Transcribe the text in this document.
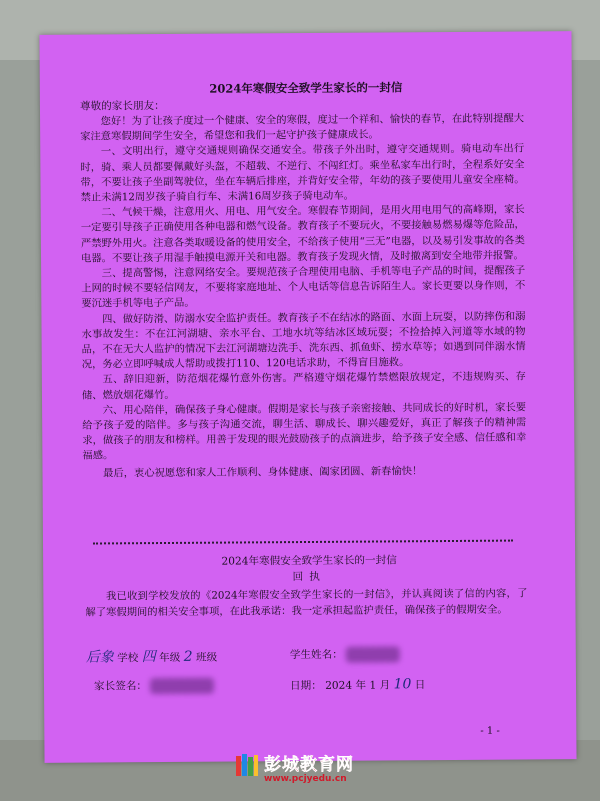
2024年寒假安全致学生家长的一封信
尊敬的家长朋友：

您好！为了让孩子度过一个健康、安全的寒假，度过一个祥和、愉快的春节，在此特别提醒大家注意寒假期间学生安全，希望您和我们一起守护孩子健康成长。

一、文明出行，遵守交通规则确保交通安全。带孩子外出时，遵守交通规则。骑电动车出行时，骑、乘人员都要佩戴好头盔，不超载、不逆行、不闯红灯。乘坐私家车出行时，全程系好安全带，不要让孩子坐副驾驶位，坐在车辆后排座，并背好安全带，年幼的孩子要使用儿童安全座椅。禁止未满12周岁孩子骑自行车、未满16周岁孩子骑电动车。

二、气候干燥，注意用火、用电、用气安全。寒假春节期间，是用火用电用气的高峰期，家长一定要引导孩子正确使用各种电器和燃气设备。教育孩子不要玩火，不要接触易燃易爆等危险品，严禁野外用火。注意各类取暖设备的使用安全，不给孩子使用“三无”电器，以及易引发事故的各类电器。不要让孩子用湿手触摸电源开关和电器。教育孩子发现火情，及时撤离到安全地带并报警。

三、提高警惕，注意网络安全。要规范孩子合理使用电脑、手机等电子产品的时间，提醒孩子上网的时候不要轻信网友，不要将家庭地址、个人电话等信息告诉陌生人。家长更要以身作则，不要沉迷手机等电子产品。

四、做好防滑、防溺水安全监护责任。教育孩子不在结冰的路面、水面上玩耍，以防摔伤和溺水事故发生：不在江河湖塘、亲水平台、工地水坑等结冰区域玩耍；不捡拾掉入河道等水域的物品，不在无大人监护的情况下去江河湖塘边洗手、洗东西、抓鱼虾、捞水草等；如遇到同伴溺水情况，务必立即呼喊成人帮助或拨打110、120电话求助，不得盲目施救。

五、辞旧迎新，防范烟花爆竹意外伤害。严格遵守烟花爆竹禁燃限放规定，不违规购买、存储、燃放烟花爆竹。

六、用心陪伴，确保孩子身心健康。假期是家长与孩子亲密接触、共同成长的好时机，家长要给予孩子爱的陪伴。多与孩子沟通交流，聊生活、聊成长、聊兴趣爱好，真正了解孩子的精神需求，做孩子的朋友和榜样。用善于发现的眼光鼓励孩子的点滴进步，给予孩子安全感、信任感和幸福感。

最后，衷心祝愿您和家人工作顺利、身体健康、阖家团圆、新春愉快！

2024年寒假安全致学生家长的一封信
回执

我已收到学校发放的《2024年寒假安全致学生家长的一封信》，并认真阅读了信的内容，了解了寒假期间的相关安全事项，在此我承诺：我一定承担起监护责任，确保孩子的假期安全。

后象 学校 四 年级 2 班级	学生姓名：
家长签名：	日期： 2024 年 1 月 10 日
- 1 -
彭城教育网
www.pcjyedu.cn
